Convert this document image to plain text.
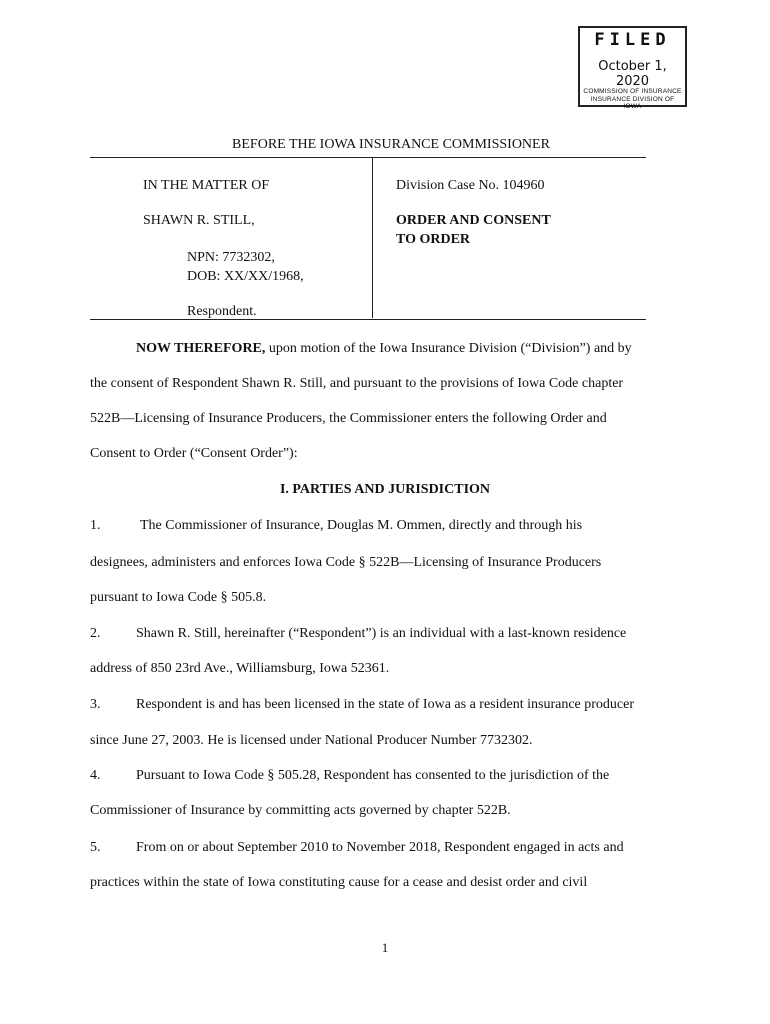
FILED
October 1, 2020
COMMISSION OF INSURANCE
INSURANCE DIVISION OF IOWA
BEFORE THE IOWA INSURANCE COMMISSIONER
IN THE MATTER OF
SHAWN R. STILL,
NPN: 7732302,
DOB: XX/XX/1968,
Respondent.
Division Case No. 104960
ORDER AND CONSENT
TO ORDER
NOW THEREFORE, upon motion of the Iowa Insurance Division (“Division”) and by
the consent of Respondent Shawn R. Still, and pursuant to the provisions of Iowa Code chapter
522B—Licensing of Insurance Producers, the Commissioner enters the following Order and
Consent to Order (“Consent Order”):
I. PARTIES AND JURISDICTION
1.	The Commissioner of Insurance, Douglas M. Ommen, directly and through his
designees, administers and enforces Iowa Code § 522B—Licensing of Insurance Producers
pursuant to Iowa Code § 505.8.
2.	Shawn R. Still, hereinafter (“Respondent”) is an individual with a last-known residence
address of 850 23rd Ave., Williamsburg, Iowa 52361.
3.	Respondent is and has been licensed in the state of Iowa as a resident insurance producer
since June 27, 2003. He is licensed under National Producer Number 7732302.
4.	Pursuant to Iowa Code § 505.28, Respondent has consented to the jurisdiction of the
Commissioner of Insurance by committing acts governed by chapter 522B.
5.	From on or about September 2010 to November 2018, Respondent engaged in acts and
practices within the state of Iowa constituting cause for a cease and desist order and civil
1
